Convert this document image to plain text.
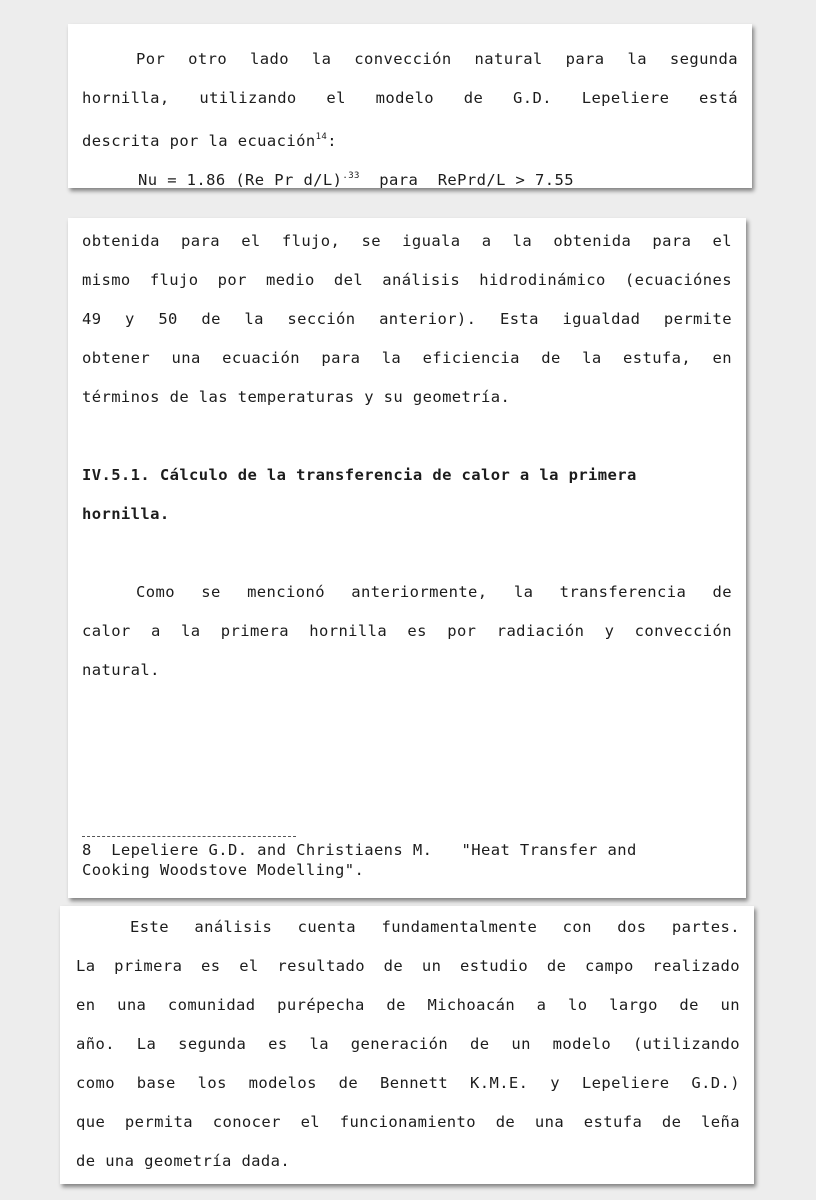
Por otro lado la convección natural para la segunda
hornilla, utilizando el modelo de G.D. Lepeliere está
descrita por la ecuación$^{14}$:
Nu = 1.86 (Re Pr d/L)$^{.33}$  para  RePrd/L > 7.55
obtenida para el flujo, se iguala a la obtenida para el
mismo flujo por medio del análisis hidrodinámico (ecuaciónes
49 y 50 de la sección anterior). Esta igualdad permite
obtener una ecuación para la eficiencia de la estufa, en
términos de las temperaturas y su geometría.
IV.5.1. Cálculo de la transferencia de calor a la primera
hornilla.
Como se mencionó anteriormente, la transferencia de
calor a la primera hornilla es por radiación y convección
natural.
8  Lepeliere G.D. and Christiaens M.   "Heat Transfer and
Cooking Woodstove Modelling".
Este análisis cuenta fundamentalmente con dos partes.
La primera es el resultado de un estudio de campo realizado
en una comunidad purépecha de Michoacán a lo largo de un
año. La segunda es la generación de un modelo (utilizando
como base los modelos de Bennett K.M.E. y Lepeliere G.D.)
que permita conocer el funcionamiento de una estufa de leña
de una geometría dada.
